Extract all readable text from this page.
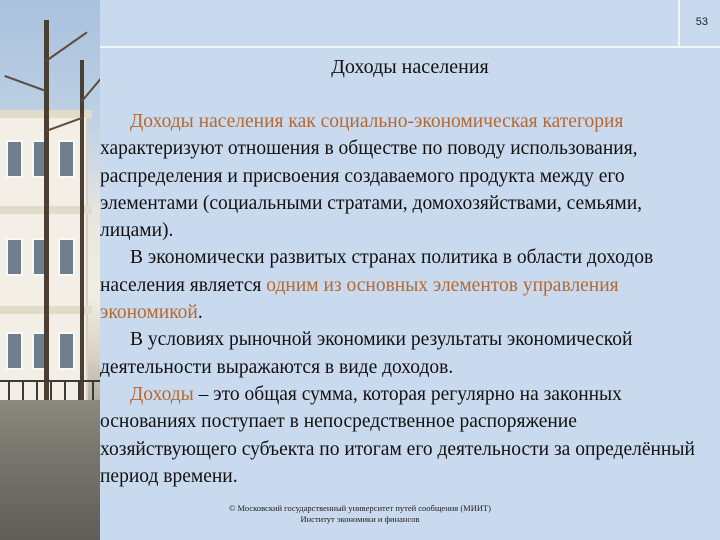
53
Доходы населения

Доходы населения как социально-экономическая категория характеризуют отношения в обществе по поводу использования, распределения и присвоения создаваемого продукта между его элементами (социальными стратами, домохозяйствами, семьями, лицами).

В экономически развитых странах политика в области доходов населения является одним из основных элементов управления экономикой.

В условиях рыночной экономики результаты экономической деятельности выражаются в виде доходов.

Доходы – это общая сумма, которая регулярно на законных основаниях поступает в непосредственное распоряжение хозяйствующего субъекта по итогам его деятельности за определённый период времени.

© Московский государственный университет путей сообщения (МИИТ)
Институт экономики и финансов
